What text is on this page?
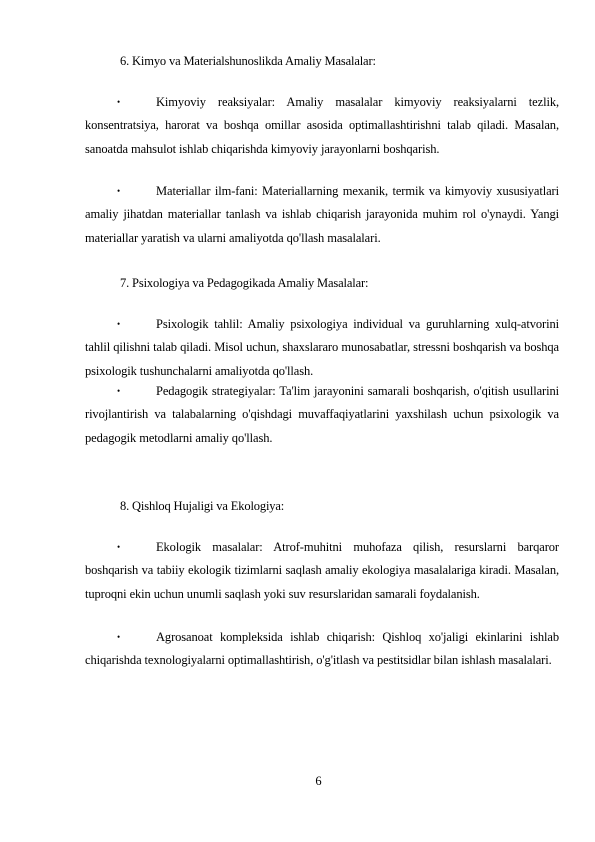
6. Kimyo va Materialshunoslikda Amaliy Masalalar:
•	Kimyoviy reaksiyalar: Amaliy masalalar kimyoviy reaksiyalarni tezlik, konsentratsiya, harorat va boshqa omillar asosida optimallashtirishni talab qiladi. Masalan, sanoatda mahsulot ishlab chiqarishda kimyoviy jarayonlarni boshqarish.

•	Materiallar ilm-fani: Materiallarning mexanik, termik va kimyoviy xususiyatlari amaliy jihatdan materiallar tanlash va ishlab chiqarish jarayonida muhim rol o'ynaydi. Yangi materiallar yaratish va ularni amaliyotda qo'llash masalalari.

7. Psixologiya va Pedagogikada Amaliy Masalalar:
•	Psixologik tahlil: Amaliy psixologiya individual va guruhlarning xulq-atvorini tahlil qilishni talab qiladi. Misol uchun, shaxslararo munosabatlar, stressni boshqarish va boshqa psixologik tushunchalarni amaliyotda qo'llash.

•	Pedagogik strategiyalar: Ta'lim jarayonini samarali boshqarish, o'qitish usullarini rivojlantirish va talabalarning o'qishdagi muvaffaqiyatlarini yaxshilash uchun psixologik va pedagogik metodlarni amaliy qo'llash.

8. Qishloq Hujaligi va Ekologiya:
•	Ekologik masalalar: Atrof-muhitni muhofaza qilish, resurslarni barqaror boshqarish va tabiiy ekologik tizimlarni saqlash amaliy ekologiya masalalariga kiradi. Masalan, tuproqni ekin uchun unumli saqlash yoki suv resurslaridan samarali foydalanish.

•	Agrosanoat kompleksida ishlab chiqarish: Qishloq xo'jaligi ekinlarini ishlab chiqarishda texnologiyalarni optimallashtirish, o'g'itlash va pestitsidlar bilan ishlash masalalari.

6
